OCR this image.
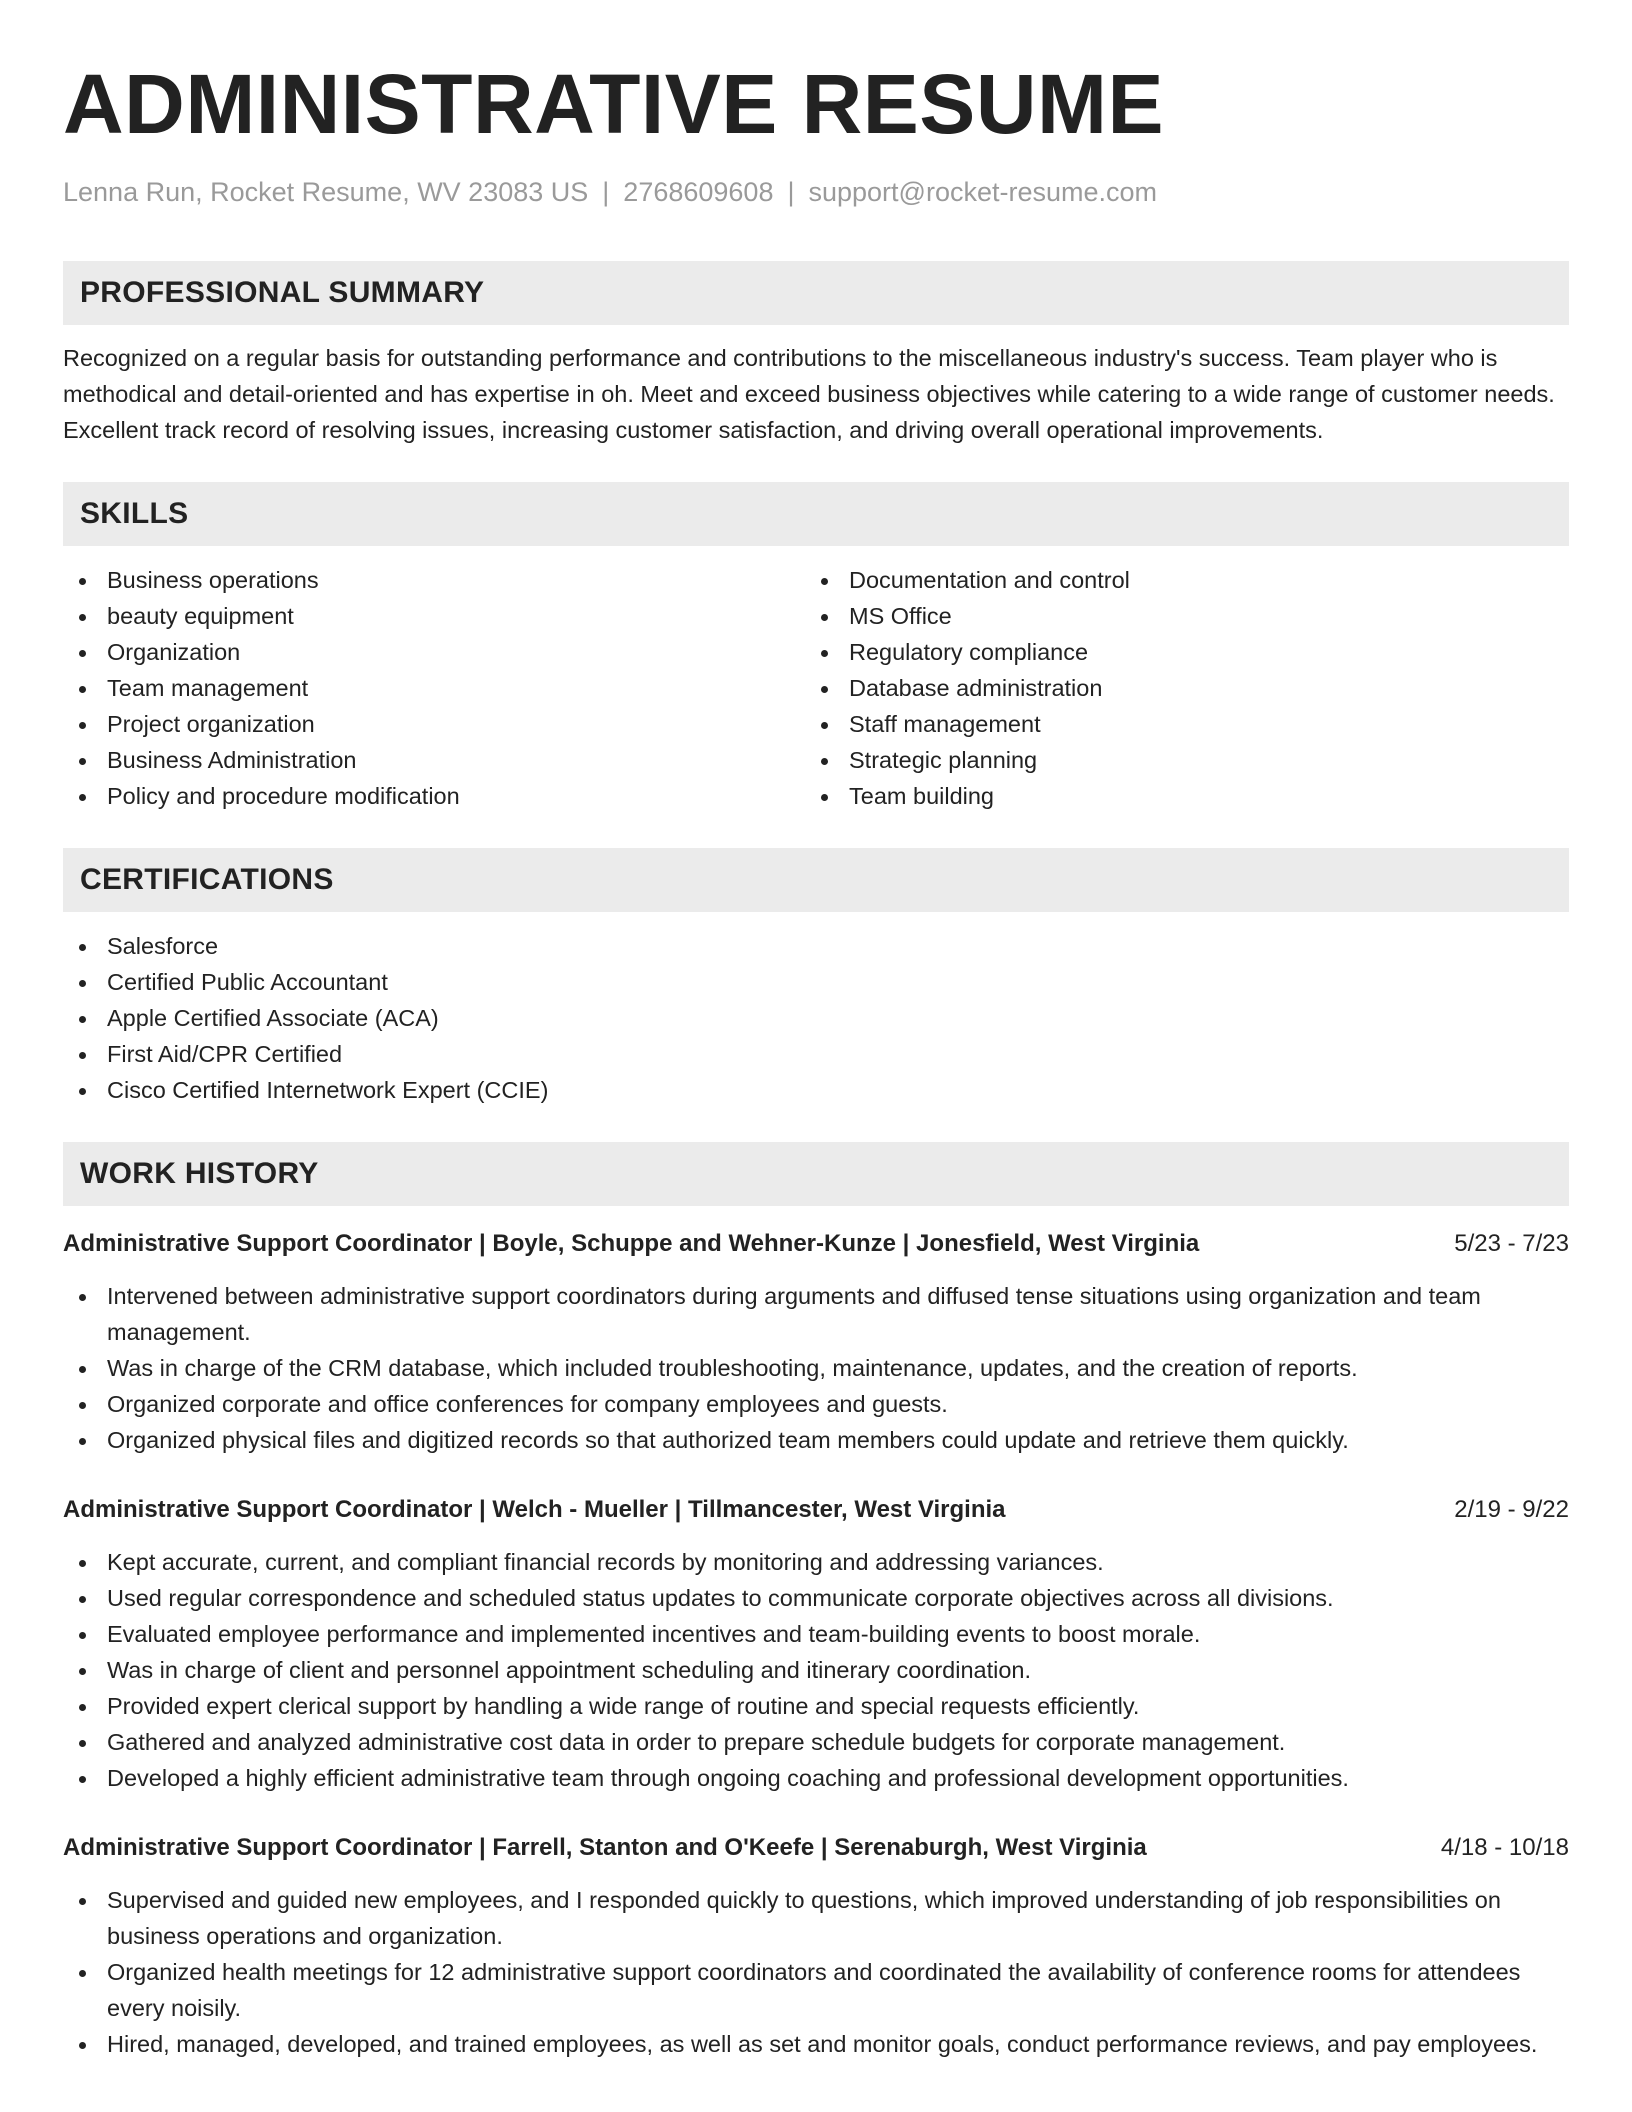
ADMINISTRATIVE RESUME
Lenna Run, Rocket Resume, WV 23083 US | 2768609608 | support@rocket-resume.com
PROFESSIONAL SUMMARY

Recognized on a regular basis for outstanding performance and contributions to the miscellaneous industry's success. Team player who is methodical and detail-oriented and has expertise in oh. Meet and exceed business objectives while catering to a wide range of customer needs. Excellent track record of resolving issues, increasing customer satisfaction, and driving overall operational improvements.

SKILLS
Business operations
beauty equipment
Organization
Team management
Project organization
Business Administration
Policy and procedure modification
Documentation and control
MS Office
Regulatory compliance
Database administration
Staff management
Strategic planning
Team building
CERTIFICATIONS
Salesforce
Certified Public Accountant
Apple Certified Associate (ACA)
First Aid/CPR Certified
Cisco Certified Internetwork Expert (CCIE)
WORK HISTORY
Administrative Support Coordinator | Boyle, Schuppe and Wehner-Kunze | Jonesfield, West Virginia	5/23 - 7/23
Intervened between administrative support coordinators during arguments and diffused tense situations using organization and team management.
Was in charge of the CRM database, which included troubleshooting, maintenance, updates, and the creation of reports.
Organized corporate and office conferences for company employees and guests.
Organized physical files and digitized records so that authorized team members could update and retrieve them quickly.
Administrative Support Coordinator | Welch - Mueller | Tillmancester, West Virginia	2/19 - 9/22
Kept accurate, current, and compliant financial records by monitoring and addressing variances.
Used regular correspondence and scheduled status updates to communicate corporate objectives across all divisions.
Evaluated employee performance and implemented incentives and team-building events to boost morale.
Was in charge of client and personnel appointment scheduling and itinerary coordination.
Provided expert clerical support by handling a wide range of routine and special requests efficiently.
Gathered and analyzed administrative cost data in order to prepare schedule budgets for corporate management.
Developed a highly efficient administrative team through ongoing coaching and professional development opportunities.
Administrative Support Coordinator | Farrell, Stanton and O'Keefe | Serenaburgh, West Virginia	4/18 - 10/18
Supervised and guided new employees, and I responded quickly to questions, which improved understanding of job responsibilities on business operations and organization.
Organized health meetings for 12 administrative support coordinators and coordinated the availability of conference rooms for attendees every noisily.
Hired, managed, developed, and trained employees, as well as set and monitor goals, conduct performance reviews, and pay employees.
